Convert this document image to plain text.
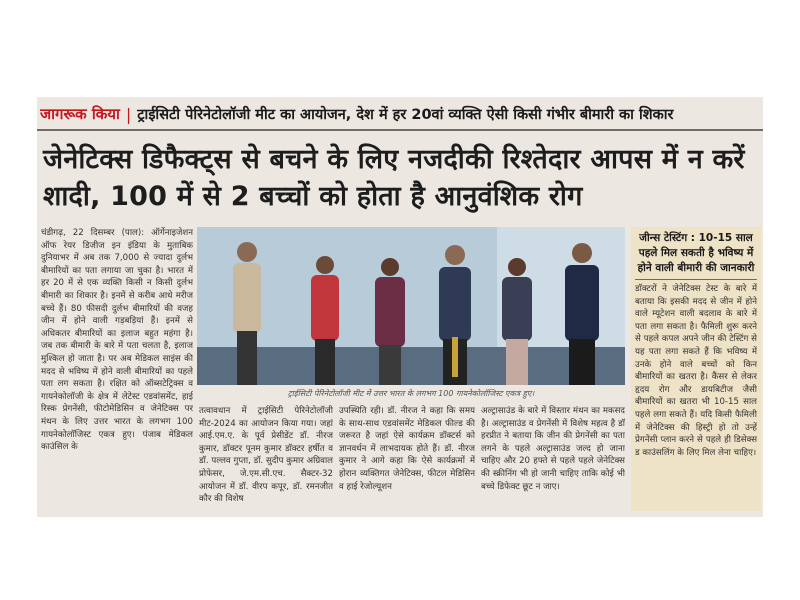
जागरूक किया | ट्राईसिटी पेरिनेटोलॉजी मीट का आयोजन, देश में हर 20वां व्यक्ति ऐसी किसी गंभीर बीमारी का शिकार
जेनेटिक्स डिफैक्ट्स से बचने के लिए नजदीकी रिश्तेदार आपस में न करें शादी, 100 में से 2 बच्चों को होता है आनुवंशिक रोग
चंडीगढ़, 22 दिसम्बर (पाल): ऑर्गेनाइजेशन ऑफ रेयर डिजीज इन इंडिया के मुताबिक दुनियाभर में अब तक 7,000 से ज्यादा दुर्लभ बीमारियों का पता लगाया जा चुका है। भारत में हर 20 में से एक व्यक्ति किसी न किसी दुर्लभ बीमारी का शिकार है। इनमें से करीब आधे मरीज बच्चे हैं। 80 फीसदी दुर्लभ बीमारियों की वजह जीन में होने वाली गड़बड़ियां हैं। इनमें से अधिकतर बीमारियों का इलाज बहुत महंगा है। जब तक बीमारी के बारे में पता चलता है, इलाज मुश्किल हो जाता है। पर अब मेडिकल साइंस की मदद से भविष्य में होने वाली बीमारियों का पहले पता लग सकता है। रक्षित को ऑब्सटेट्रिक्स व गायनेकोलॉजी के क्षेत्र में लेटेस्ट एडवांसमेंट, हाई रिस्क प्रेगनेंसी, फीटोमेडिसिन व जेनेटिक्स पर मंथन के लिए उत्तर भारत के लगभग 100 गायनेकोलॉजिस्ट एकत्र हुए। पंजाब मेडिकल काउंसिल के
ट्राईसिटी पेरिनेटोलॉजी मीट में उत्तर भारत के लगभग 100 गायनेकोलॉजिस्ट एकत्र हुए।
तत्वावधान में ट्राईसिटी पेरिनेटोलॉजी मीट-2024 का आयोजन किया गया। जहां आई.एम.ए. के पूर्व प्रेसीडेंट डॉ. नीरज कुमार, डॉक्टर पूनम कुमार डॉक्टर हर्षीत व डॉ. पल्लव गुप्ता, डॉ. सुदीप कुमार अग्रिवाल प्रोफेसर, जे.एम.सी.एच. सैक्टर-32 आयोजन में डॉ. वीरप कपूर, डॉ. रमनजीत कौर की विशेष
उपस्थिति रही। डॉ. नीरज ने कहा कि समय के साथ-साथ एडवांसमेंट मेडिकल फील्ड की जरूरत है जहां ऐसे कार्यक्रम डॉक्टर्स को ज्ञानवर्धन में लाभदायक होते हैं। डॉ. नीरज कुमार ने आगे कहा कि ऐसे कार्यक्रमों में होरान व्यक्तिगत जेनेटिक्स, फीटल मेडिसिन व हाई रेजोल्यूशन
अल्ट्रासाउंड के बारे में विस्तार मंथन का मकसद है। अल्ट्रासाउंड व प्रेगनेंसी में विशेष महत्व है डॉ हरप्रीत ने बताया कि जीन की प्रेगनेंसी का पता लगने के पहले अल्ट्रासाउंड जल्द हो जाना चाहिए और 20 हफ्ते से पहले पहले जेनेटिक्स की स्क्रीनिंग भी हो जानी चाहिए ताकि कोई भी बच्चे डिफेक्ट छूट न जाए।
जीन्स टेस्टिंग : 10-15 साल पहले मिल सकती है भविष्य में होने वाली बीमारी की जानकारी
डॉक्टरों ने जेनेटिक्स टेस्ट के बारे में बताया कि इसकी मदद से जीन में होने वाले म्यूटेशन वाली बदलाव के बारे में पता लगा सकता है। फैमिली शुरू करने से पहले कपल अपने जीन की टेस्टिंग से यह पता लगा सकते हैं कि भविष्य में उनके होने वाले बच्चों को किन बीमारियों का खतरा है। कैंसर से लेकर हृदय रोग और डायबिटीज जैसी बीमारियों का खतरा भी 10-15 साल पहले लगा सकते हैं। यदि किसी फैमिली में जेनेटिक्स की हिस्ट्री हो तो उन्हें प्रेगनेंसी प्लान करने से पहले ही डिसेक्स ड काउंसलिंग के लिए मिल लेना चाहिए।
